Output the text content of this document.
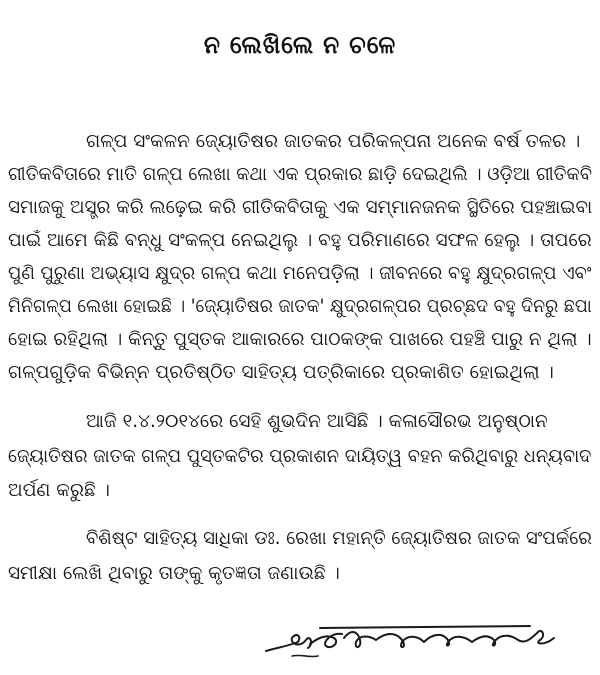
ନ ଲେଖିଲେ ନ ଚଳେ
ଗଳ୍ପ ସଂକଳନ ଜ୍ୟୋତିଷର ଜାତକର ପରିକଳ୍ପନା ଅନେକ ବର୍ଷ ତଳର ।
ଗୀତିକବିତାରେ ମାତି ଗଳ୍ପ ଲେଖା କଥା ଏକ ପ୍ରକାର ଛାଡ଼ି ଦେଇଥିଲି । ଓଡ଼ିଆ ଗୀତିକବି
ସମାଜକୁ ଅସ୍ତ୍ର କରି ଲଢ଼େଇ କରି ଗୀତିକବିତାକୁ ଏକ ସମ୍ମାନଜନକ ସ୍ଥିତିରେ ପହଞ୍ଚାଇବା
ପାଇଁ ଆମେ କିଛି ବନ୍ଧୁ ସଂକଳ୍ପ ନେଇଥିଲୁ । ବହୁ ପରିମାଣରେ ସଫଳ ହେଲୁ । ତାପରେ
ପୁଣି ପୁରୁଣା ଅଭ୍ୟାସ କ୍ଷୁଦ୍ର ଗଳ୍ପ କଥା ମନେପଡ଼ିଲା । ଜୀବନରେ ବହୁ କ୍ଷୁଦ୍ରଗଳ୍ପ ଏବଂ
ମିନିଗଳ୍ପ ଲେଖା ହୋଇଛି । 'ଜ୍ୟୋତିଷର ଜାତକ' କ୍ଷୁଦ୍ରଗଳ୍ପର ପ୍ରଚ୍ଛଦ ବହୁ ଦିନରୁ ଛପା
ହୋଇ ରହିଥିଲା । କିନ୍ତୁ ପୁସ୍ତକ ଆକାରରେ ପାଠକଙ୍କ ପାଖରେ ପହଞ୍ଚି ପାରୁ ନ ଥିଲା ।
ଗଳ୍ପଗୁଡ଼ିକ ବିଭିନ୍ନ ପ୍ରତିଷ୍ଠିତ ସାହିତ୍ୟ ପତ୍ରିକାରେ ପ୍ରକାଶିତ ହୋଇଥିଲା ।
ଆଜି ୧.୪.୨୦୧୪ରେ ସେହି ଶୁଭଦିନ ଆସିଛି । କଳାସୌରଭ ଅନୁଷ୍ଠାନ
ଜ୍ୟୋତିଷର ଜାତକ ଗଳ୍ପ ପୁସ୍ତକଟିର ପ୍ରକାଶନ ଦାୟିତ୍ୱ ବହନ କରିଥିବାରୁ ଧନ୍ୟବାଦ
ଅର୍ପଣ କରୁଛି ।
ବିଶିଷ୍ଟ ସାହିତ୍ୟ ସାଧିକା ଡଃ. ରେଖା ମହାନ୍ତି ଜ୍ୟୋତିଷର ଜାତକ ସଂପର୍କରେ
ସମୀକ୍ଷା ଲେଖି ଥିବାରୁ ତାଙ୍କୁ କୃତଜ୍ଞତା ଜଣାଉଛି ।
